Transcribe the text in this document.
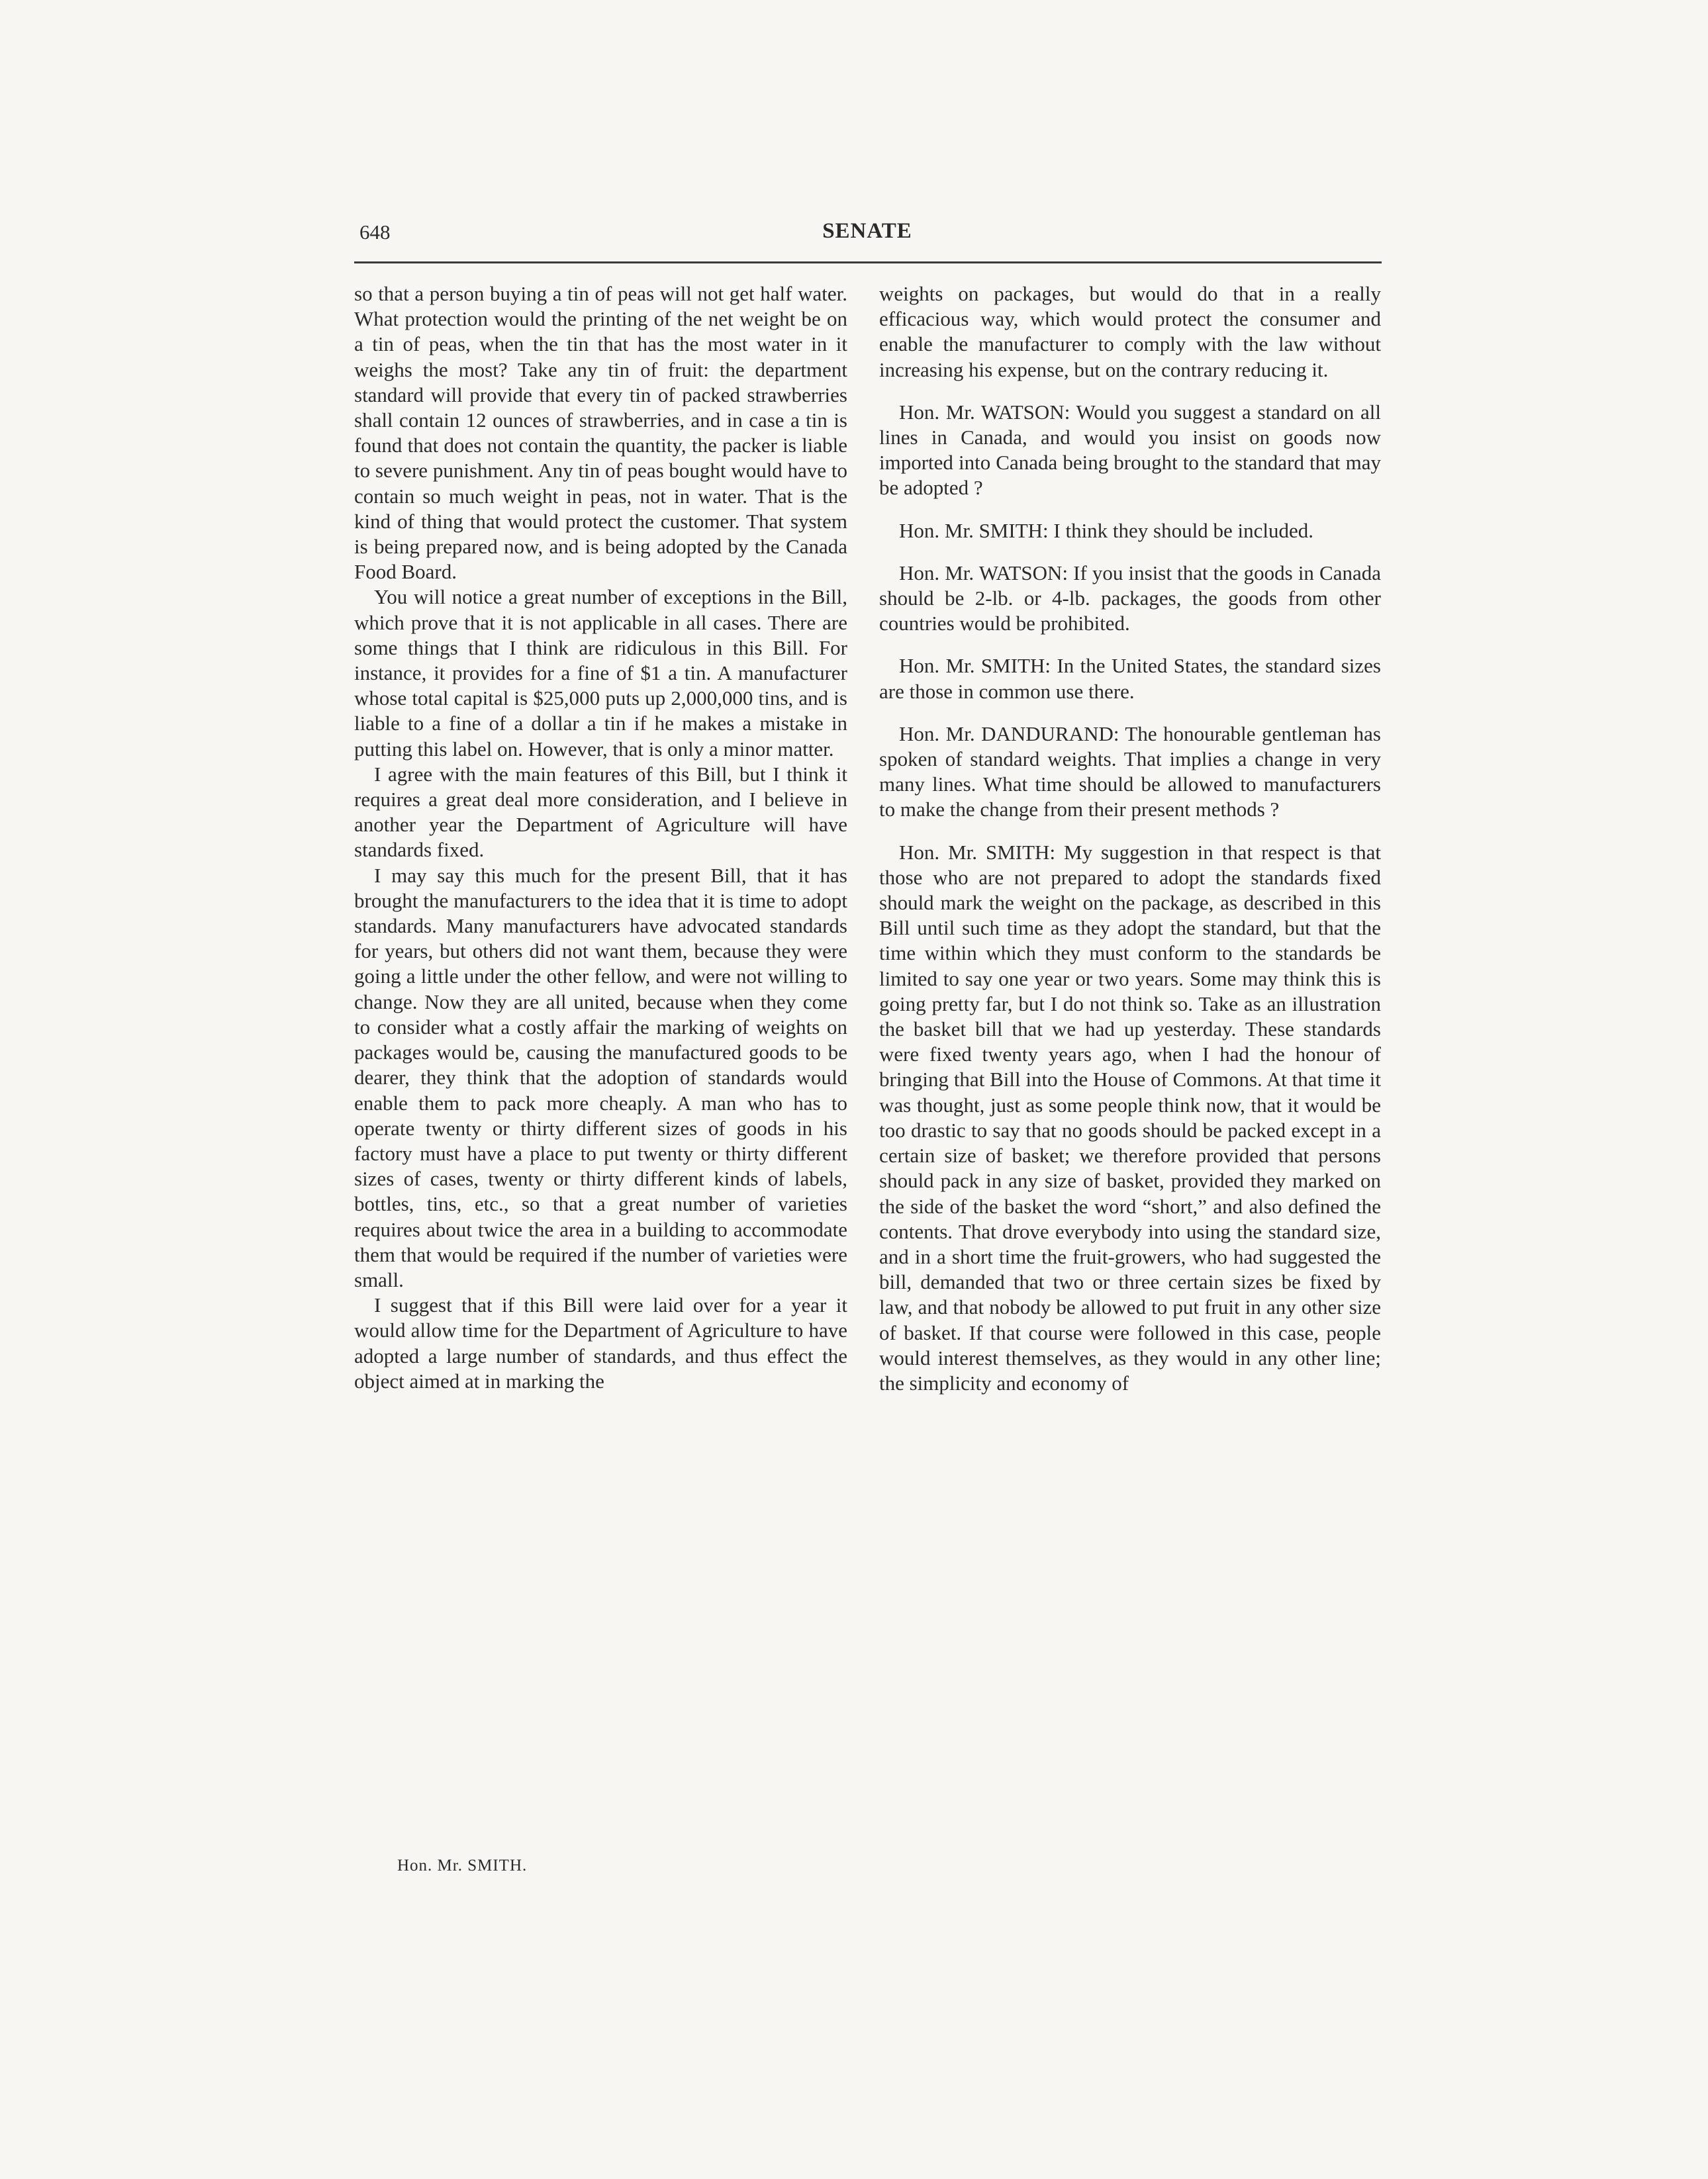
648	SENATE

so that a person buying a tin of peas will not get half water. What protection would the printing of the net weight be on a tin of peas, when the tin that has the most water in it weighs the most? Take any tin of fruit: the department standard will provide that every tin of packed strawberries shall contain 12 ounces of strawberries, and in case a tin is found that does not contain the quantity, the packer is liable to severe punishment. Any tin of peas bought would have to contain so much weight in peas, not in water. That is the kind of thing that would protect the customer. That system is being prepared now, and is being adopted by the Canada Food Board.

You will notice a great number of exceptions in the Bill, which prove that it is not applicable in all cases. There are some things that I think are ridiculous in this Bill. For instance, it provides for a fine of $1 a tin. A manufacturer whose total capital is $25,000 puts up 2,000,000 tins, and is liable to a fine of a dollar a tin if he makes a mistake in putting this label on. However, that is only a minor matter.

I agree with the main features of this Bill, but I think it requires a great deal more consideration, and I believe in another year the Department of Agriculture will have standards fixed.

I may say this much for the present Bill, that it has brought the manufacturers to the idea that it is time to adopt standards. Many manufacturers have advocated standards for years, but others did not want them, because they were going a little under the other fellow, and were not willing to change. Now they are all united, because when they come to consider what a costly affair the marking of weights on packages would be, causing the manufactured goods to be dearer, they think that the adoption of standards would enable them to pack more cheaply. A man who has to operate twenty or thirty different sizes of goods in his factory must have a place to put twenty or thirty different sizes of cases, twenty or thirty different kinds of labels, bottles, tins, etc., so that a great number of varieties requires about twice the area in a building to accommodate them that would be required if the number of varieties were small.

I suggest that if this Bill were laid over for a year it would allow time for the Department of Agriculture to have adopted a large number of standards, and thus effect the object aimed at in marking the

Hon. Mr. SMITH.

weights on packages, but would do that in a really efficacious way, which would protect the consumer and enable the manufacturer to comply with the law without increasing his expense, but on the contrary reducing it.

Hon. Mr. WATSON: Would you suggest a standard on all lines in Canada, and would you insist on goods now imported into Canada being brought to the standard that may be adopted ?

Hon. Mr. SMITH: I think they should be included.

Hon. Mr. WATSON: If you insist that the goods in Canada should be 2-lb. or 4-lb. packages, the goods from other countries would be prohibited.

Hon. Mr. SMITH: In the United States, the standard sizes are those in common use there.

Hon. Mr. DANDURAND: The honourable gentleman has spoken of standard weights. That implies a change in very many lines. What time should be allowed to manufacturers to make the change from their present methods ?

Hon. Mr. SMITH: My suggestion in that respect is that those who are not prepared to adopt the standards fixed should mark the weight on the package, as described in this Bill until such time as they adopt the standard, but that the time within which they must conform to the standards be limited to say one year or two years. Some may think this is going pretty far, but I do not think so. Take as an illustration the basket bill that we had up yesterday. These standards were fixed twenty years ago, when I had the honour of bringing that Bill into the House of Commons. At that time it was thought, just as some people think now, that it would be too drastic to say that no goods should be packed except in a certain size of basket; we therefore provided that persons should pack in any size of basket, provided they marked on the side of the basket the word “short,” and also defined the contents. That drove everybody into using the standard size, and in a short time the fruit-growers, who had suggested the bill, demanded that two or three certain sizes be fixed by law, and that nobody be allowed to put fruit in any other size of basket. If that course were followed in this case, people would interest themselves, as they would in any other line; the simplicity and economy of
